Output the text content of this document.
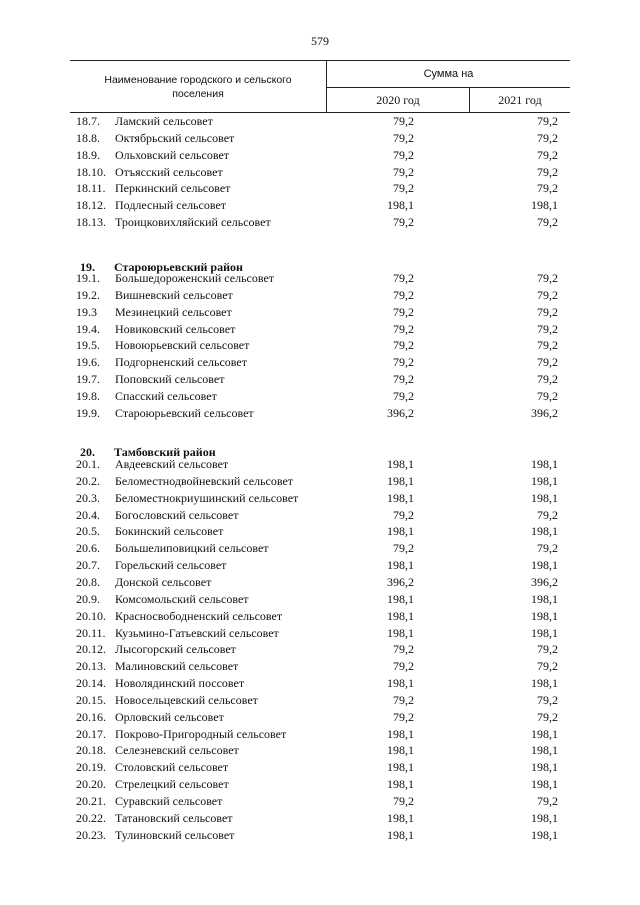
579
Наименование городского и сельского поселения
Сумма на
2020 год	2021 год
18.7.	Ламский сельсовет	79,2	79,2
18.8.	Октябрьский сельсовет	79,2	79,2
18.9.	Ольховский сельсовет	79,2	79,2
18.10. Отъясский сельсовет	79,2	79,2
18.11. Перкинский сельсовет	79,2	79,2
18.12. Подлесный сельсовет	198,1	198,1
18.13. Троицковихляйский сельсовет	79,2	79,2
19. Староюрьевский район
19.1.	Большедороженский сельсовет	79,2	79,2
19.2.	Вишневский сельсовет	79,2	79,2
19.3	Мезинецкий сельсовет	79,2	79,2
19.4.	Новиковский сельсовет	79,2	79,2
19.5.	Новоюрьевский сельсовет	79,2	79,2
19.6.	Подгорненский сельсовет	79,2	79,2
19.7.	Поповский сельсовет	79,2	79,2
19.8.	Спасский сельсовет	79,2	79,2
19.9.	Староюрьевский сельсовет	396,2	396,2
20. Тамбовский район
20.1.	Авдеевский сельсовет	198,1	198,1
20.2.	Беломестнодвойневский сельсовет	198,1	198,1
20.3.	Беломестнокриушинский сельсовет	198,1	198,1
20.4.	Богословский сельсовет	79,2	79,2
20.5.	Бокинский сельсовет	198,1	198,1
20.6.	Большелиповицкий сельсовет	79,2	79,2
20.7.	Горельский сельсовет	198,1	198,1
20.8.	Донской сельсовет	396,2	396,2
20.9.	Комсомольский сельсовет	198,1	198,1
20.10. Красносвободненский сельсовет	198,1	198,1
20.11. Кузьмино-Гатьевский сельсовет	198,1	198,1
20.12. Лысогорский сельсовет	79,2	79,2
20.13. Малиновский сельсовет	79,2	79,2
20.14. Новолядинский поссовет	198,1	198,1
20.15. Новосельцевский сельсовет	79,2	79,2
20.16. Орловский сельсовет	79,2	79,2
20.17. Покрово-Пригородный сельсовет	198,1	198,1
20.18. Селезневский сельсовет	198,1	198,1
20.19. Столовский сельсовет	198,1	198,1
20.20. Стрелецкий сельсовет	198,1	198,1
20.21. Суравский сельсовет	79,2	79,2
20.22. Татановский сельсовет	198,1	198,1
20.23. Тулиновский сельсовет	198,1	198,1
